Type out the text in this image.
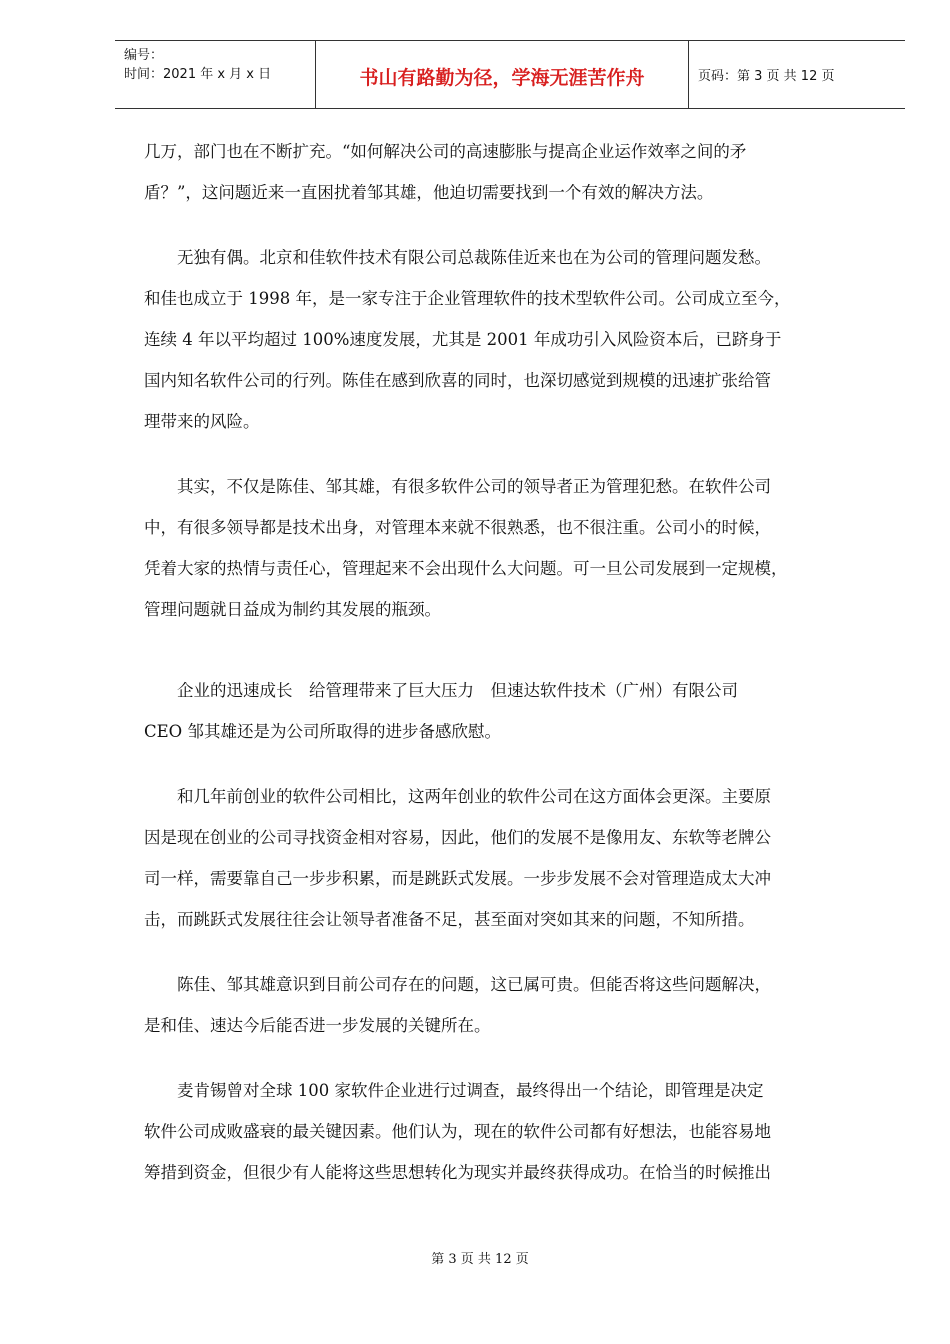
编号：
时间：2021 年 x 月 x 日	书山有路勤为径，学海无涯苦作舟	页码：第 3 页 共 12 页
几万，部门也在不断扩充。“如何解决公司的高速膨胀与提高企业运作效率之间的矛
盾？”，这问题近来一直困扰着邹其雄，他迫切需要找到一个有效的解决方法。
　　无独有偶。北京和佳软件技术有限公司总裁陈佳近来也在为公司的管理问题发愁。
和佳也成立于 1998 年，是一家专注于企业管理软件的技术型软件公司。公司成立至今，
连续 4 年以平均超过 100%速度发展，尤其是 2001 年成功引入风险资本后，已跻身于
国内知名软件公司的行列。陈佳在感到欣喜的同时，也深切感觉到规模的迅速扩张给管
理带来的风险。
　　其实，不仅是陈佳、邹其雄，有很多软件公司的领导者正为管理犯愁。在软件公司
中，有很多领导都是技术出身，对管理本来就不很熟悉，也不很注重。公司小的时候，
凭着大家的热情与责任心，管理起来不会出现什么大问题。可一旦公司发展到一定规模，
管理问题就日益成为制约其发展的瓶颈。
　　企业的迅速成长　给管理带来了巨大压力　但速达软件技术（广州）有限公司
CEO 邹其雄还是为公司所取得的进步备感欣慰。
　　和几年前创业的软件公司相比，这两年创业的软件公司在这方面体会更深。主要原
因是现在创业的公司寻找资金相对容易，因此，他们的发展不是像用友、东软等老牌公
司一样，需要靠自己一步步积累，而是跳跃式发展。一步步发展不会对管理造成太大冲
击，而跳跃式发展往往会让领导者准备不足，甚至面对突如其来的问题，不知所措。
　　陈佳、邹其雄意识到目前公司存在的问题，这已属可贵。但能否将这些问题解决，
是和佳、速达今后能否进一步发展的关键所在。
　　麦肯锡曾对全球 100 家软件企业进行过调查，最终得出一个结论，即管理是决定
软件公司成败盛衰的最关键因素。他们认为，现在的软件公司都有好想法，也能容易地
筹措到资金，但很少有人能将这些思想转化为现实并最终获得成功。在恰当的时候推出
第 3 页 共 12 页
